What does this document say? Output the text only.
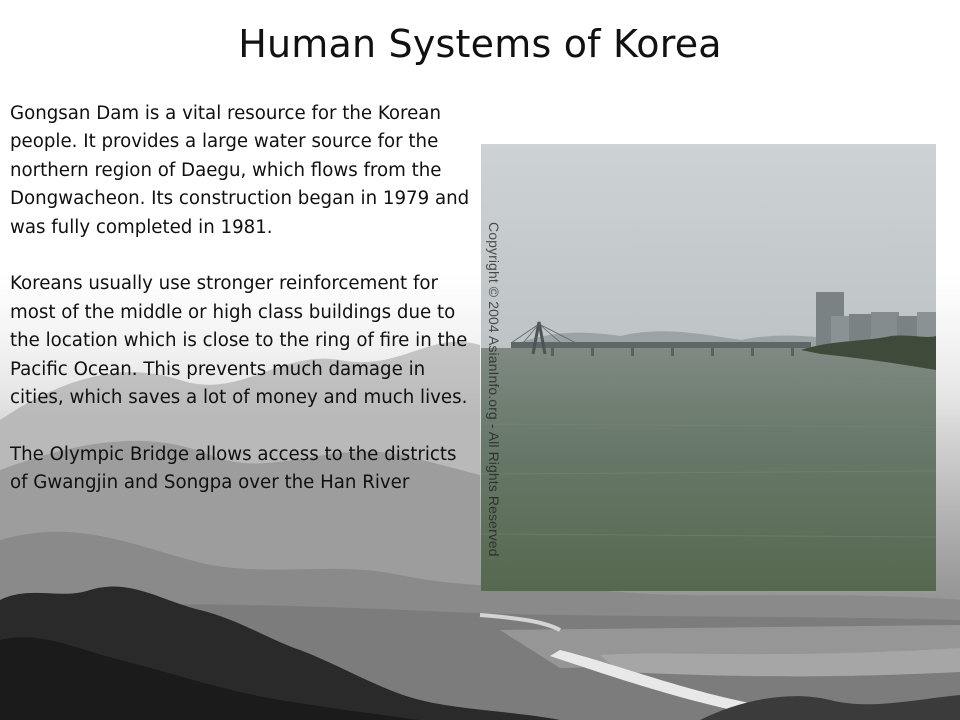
Human Systems of Korea

Gongsan Dam is a vital resource for the Korean people. It provides a large water source for the northern region of Daegu, which flows from the Dongwacheon. Its construction began in 1979 and was fully completed in 1981.

Koreans usually use stronger reinforcement for most of the middle or high class buildings due to the location which is close to the ring of fire in the Pacific Ocean. This prevents much damage in cities, which saves a lot of money and much lives.

The Olympic Bridge allows access to the districts of Gwangjin and Songpa over the Han River	Copyright © 2004 AsianInfo.org - All Rights Reserved
